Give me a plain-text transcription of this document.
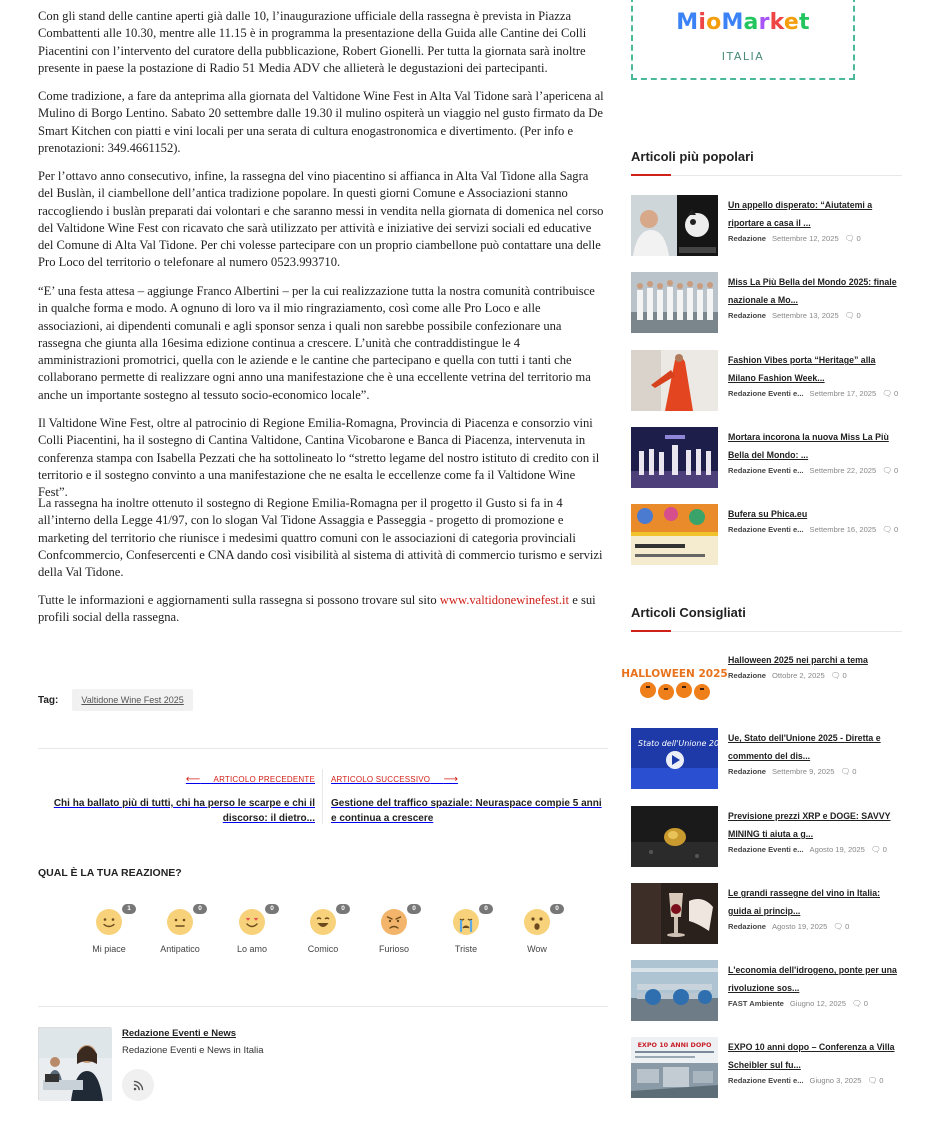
Con gli stand delle cantine aperti già dalle 10, l’inaugurazione ufficiale della rassegna è prevista in Piazza Combattenti alle 10.30, mentre alle 11.15 è in programma la presentazione della Guida alle Cantine dei Colli Piacentini con l’intervento del curatore della pubblicazione, Robert Gionelli. Per tutta la giornata sarà inoltre presente in paese la postazione di Radio 51 Media ADV che allieterà le degustazioni dei partecipanti.

Come tradizione, a fare da anteprima alla giornata del Valtidone Wine Fest in Alta Val Tidone sarà l’apericena al Mulino di Borgo Lentino. Sabato 20 settembre dalle 19.30 il mulino ospiterà un viaggio nel gusto firmato da De Smart Kitchen con piatti e vini locali per una serata di cultura enogastronomica e divertimento. (Per info e prenotazioni: 349.4661152).

Per l’ottavo anno consecutivo, infine, la rassegna del vino piacentino si affianca in Alta Val Tidone alla Sagra del Buslàn, il ciambellone dell’antica tradizione popolare. In questi giorni Comune e Associazioni stanno raccogliendo i buslàn preparati dai volontari e che saranno messi in vendita nella giornata di domenica nel corso del Valtidone Wine Fest con ricavato che sarà utilizzato per attività e iniziative dei servizi sociali ed educative del Comune di Alta Val Tidone. Per chi volesse partecipare con un proprio ciambellone può contattare una delle Pro Loco del territorio o telefonare al numero 0523.993710.

“E’ una festa attesa – aggiunge Franco Albertini – per la cui realizzazione tutta la nostra comunità contribuisce in qualche forma e modo. A ognuno di loro va il mio ringraziamento, così come alle Pro Loco e alle associazioni, ai dipendenti comunali e agli sponsor senza i quali non sarebbe possibile confezionare una rassegna che giunta alla 16esima edizione continua a crescere. L’unità che contraddistingue le 4 amministrazioni promotrici, quella con le aziende e le cantine che partecipano e quella con tutti i tanti che collaborano permette di realizzare ogni anno una manifestazione che è una eccellente vetrina del territorio ma anche un importante sostegno al tessuto socio-economico locale”.

Il Valtidone Wine Fest, oltre al patrocinio di Regione Emilia-Romagna, Provincia di Piacenza e consorzio vini Colli Piacentini, ha il sostegno di Cantina Valtidone, Cantina Vicobarone e Banca di Piacenza, intervenuta in conferenza stampa con Isabella Pezzati che ha sottolineato lo “stretto legame del nostro istituto di credito con il territorio e il sostegno convinto a una manifestazione che ne esalta le eccellenze come fa il Valtidone Wine Fest”.

La rassegna ha inoltre ottenuto il sostegno di Regione Emilia-Romagna per il progetto il Gusto si fa in 4 all’interno della Legge 41/97, con lo slogan Val Tidone Assaggia e Passeggia - progetto di promozione e marketing del territorio che riunisce i medesimi quattro comuni con le associazioni di categoria provinciali Confcommercio, Confesercenti e CNA dando così visibilità al sistema di attività di commercio turismo e servizi della Val Tidone.

Tutte le informazioni e aggiornamenti sulla rassegna si possono trovare sul sito www.valtidonewinefest.it e sui profili social della rassegna.

Tag:	Valtidone Wine Fest 2025
⟵ ARTICOLO PRECEDENTE
Chi ha ballato più di tutti, chi ha perso le scarpe e chi il discorso: il dietro...
ARTICOLO SUCCESSIVO ⟶
Gestione del traffico spaziale: Neuraspace compie 5 anni e continua a crescere
QUAL È LA TUA REAZIONE?
1
Mi piace
0
Antipatico
0
Lo amo
0
Comico
0
Furioso
0
Triste
0
Wow
Redazione Eventi e News
Redazione Eventi e News in Italia
MioMarket
ITALIA
Articoli più popolari
Un appello disperato: “Aiutatemi a riportare a casa il ...
Redazione Settembre 12, 2025 🗨 0
Miss La Più Bella del Mondo 2025: finale nazionale a Mo...
Redazione Settembre 13, 2025 🗨 0
Fashion Vibes porta “Heritage” alla Milano Fashion Week...
Redazione Eventi e... Settembre 17, 2025 🗨 0
Mortara incorona la nuova Miss La Più Bella del Mondo: ...
Redazione Eventi e... Settembre 22, 2025 🗨 0
Bufera su Phica.eu
Redazione Eventi e... Settembre 16, 2025 🗨 0
Articoli Consigliati
HALLOWEEN 2025
Halloween 2025 nei parchi a tema
Redazione Ottobre 2, 2025 🗨 0
Stato dell'Unione 2025
Ue, Stato dell'Unione 2025 - Diretta e commento del dis...
Redazione Settembre 9, 2025 🗨 0
Previsione prezzi XRP e DOGE: SAVVY MINING ti aiuta a g...
Redazione Eventi e... Agosto 19, 2025 🗨 0
Le grandi rassegne del vino in Italia: guida ai princip...
Redazione Agosto 19, 2025 🗨 0
L'economia dell'idrogeno, ponte per una rivoluzione sos...
FAST Ambiente Giugno 12, 2025 🗨 0
EXPO 10 ANNI DOPO EXPO 10 anni dopo – Conferenza a Villa Scheibler sul fu...
Redazione Eventi e... Giugno 3, 2025 🗨 0
